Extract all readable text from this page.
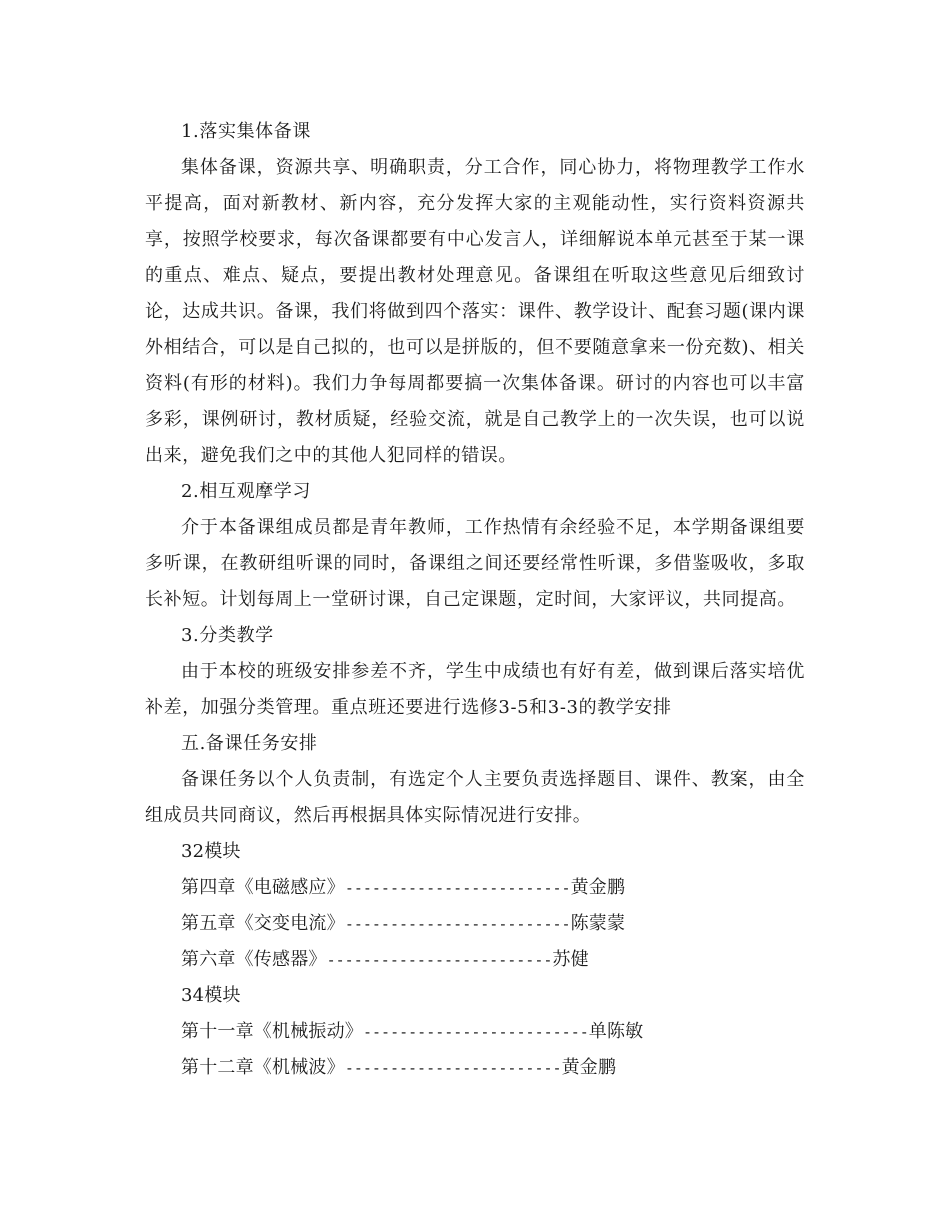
1.落实集体备课

集体备课，资源共享、明确职责，分工合作，同心协力，将物理教学工作水平提高，面对新教材、新内容，充分发挥大家的主观能动性，实行资料资源共享，按照学校要求，每次备课都要有中心发言人，详细解说本单元甚至于某一课的重点、难点、疑点，要提出教材处理意见。备课组在听取这些意见后细致讨论，达成共识。备课，我们将做到四个落实：课件、教学设计、配套习题(课内课外相结合，可以是自己拟的，也可以是拼版的，但不要随意拿来一份充数)、相关资料(有形的材料)。我们力争每周都要搞一次集体备课。研讨的内容也可以丰富多彩，课例研讨，教材质疑，经验交流，就是自己教学上的一次失误，也可以说出来，避免我们之中的其他人犯同样的错误。

2.相互观摩学习

介于本备课组成员都是青年教师，工作热情有余经验不足，本学期备课组要多听课，在教研组听课的同时，备课组之间还要经常性听课，多借鉴吸收，多取长补短。计划每周上一堂研讨课，自己定课题，定时间，大家评议，共同提高。

3.分类教学

由于本校的班级安排参差不齐，学生中成绩也有好有差，做到课后落实培优补差，加强分类管理。重点班还要进行选修3-5和3-3的教学安排

五.备课任务安排

备课任务以个人负责制，有选定个人主要负责选择题目、课件、教案，由全组成员共同商议，然后再根据具体实际情况进行安排。

32模块

第四章《电磁感应》-------------------------黄金鹏

第五章《交变电流》-------------------------陈蒙蒙

第六章《传感器》-------------------------苏健

34模块

第十一章《机械振动》-------------------------单陈敏

第十二章《机械波》------------------------黄金鹏
